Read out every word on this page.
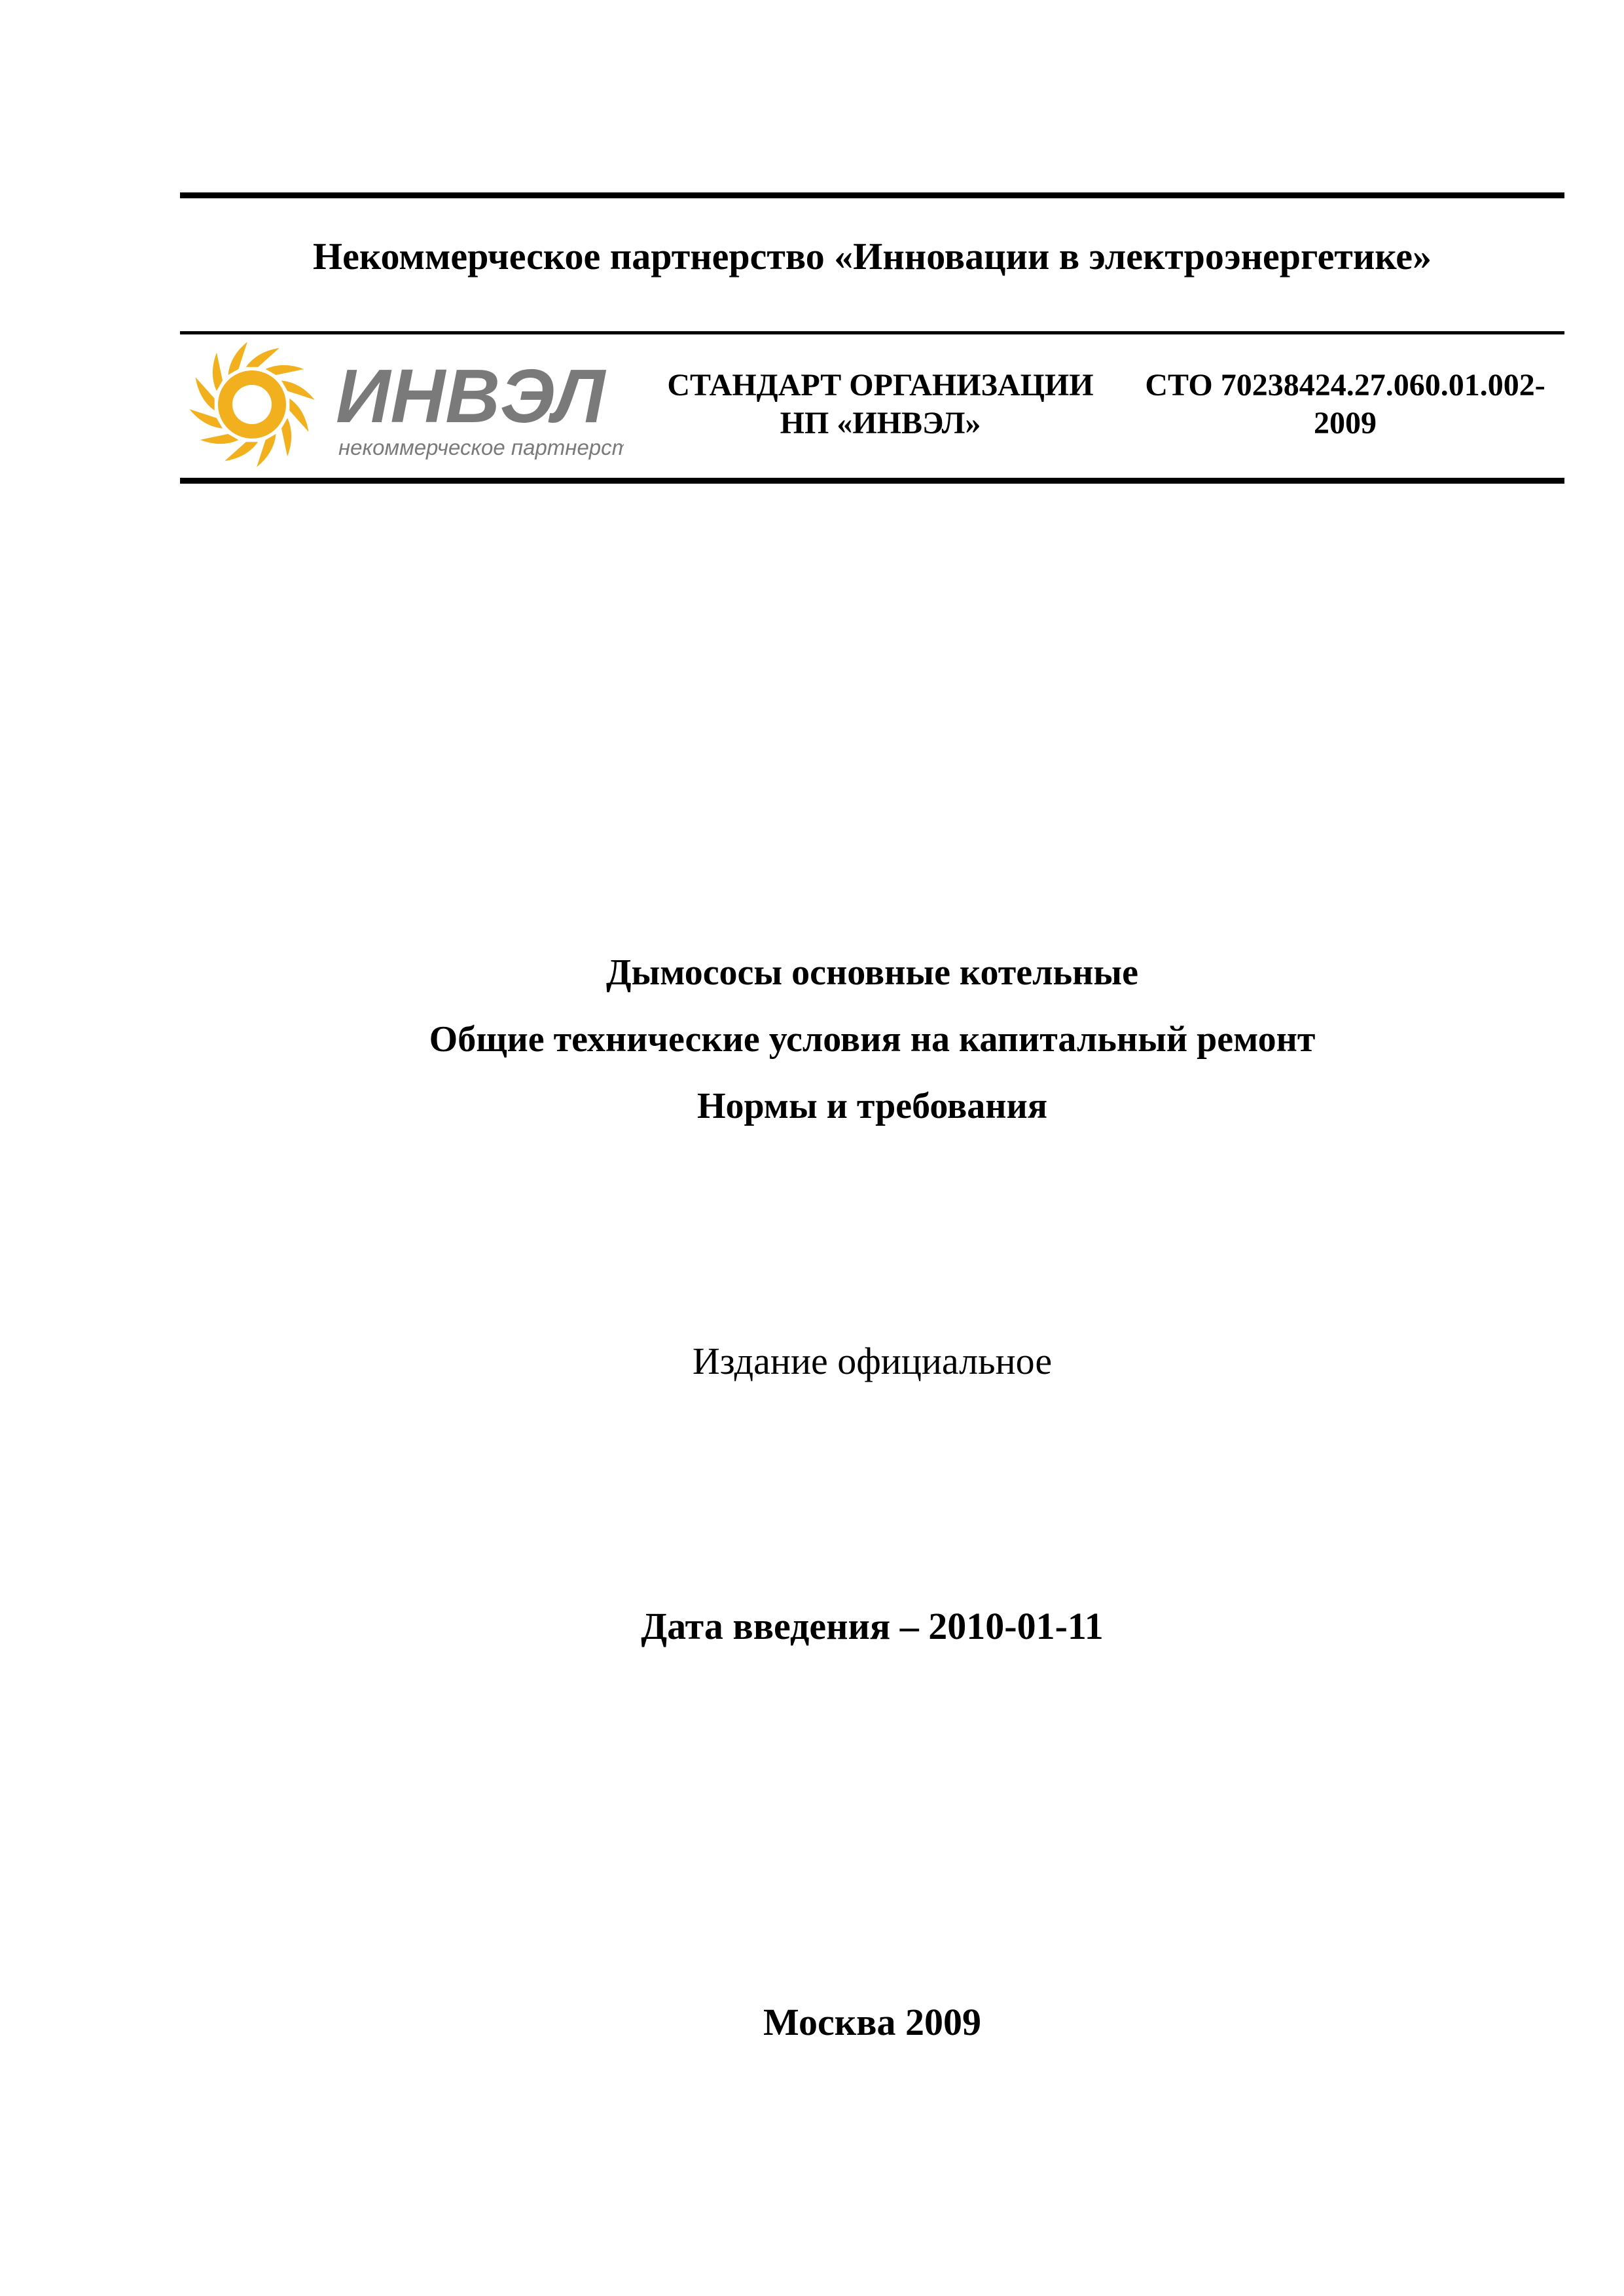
Некоммерческое партнерство «Инновации в электроэнергетике»
ИНВЭЛ
некоммерческое партнерство
СТАНДАРТ ОРГАНИЗАЦИИ
НП «ИНВЭЛ»
СТО 70238424.27.060.01.002-
2009
Дымососы основные котельные
Общие технические условия на капитальный ремонт
Нормы и требования
Издание официальное
Дата введения – 2010-01-11
Москва 2009
